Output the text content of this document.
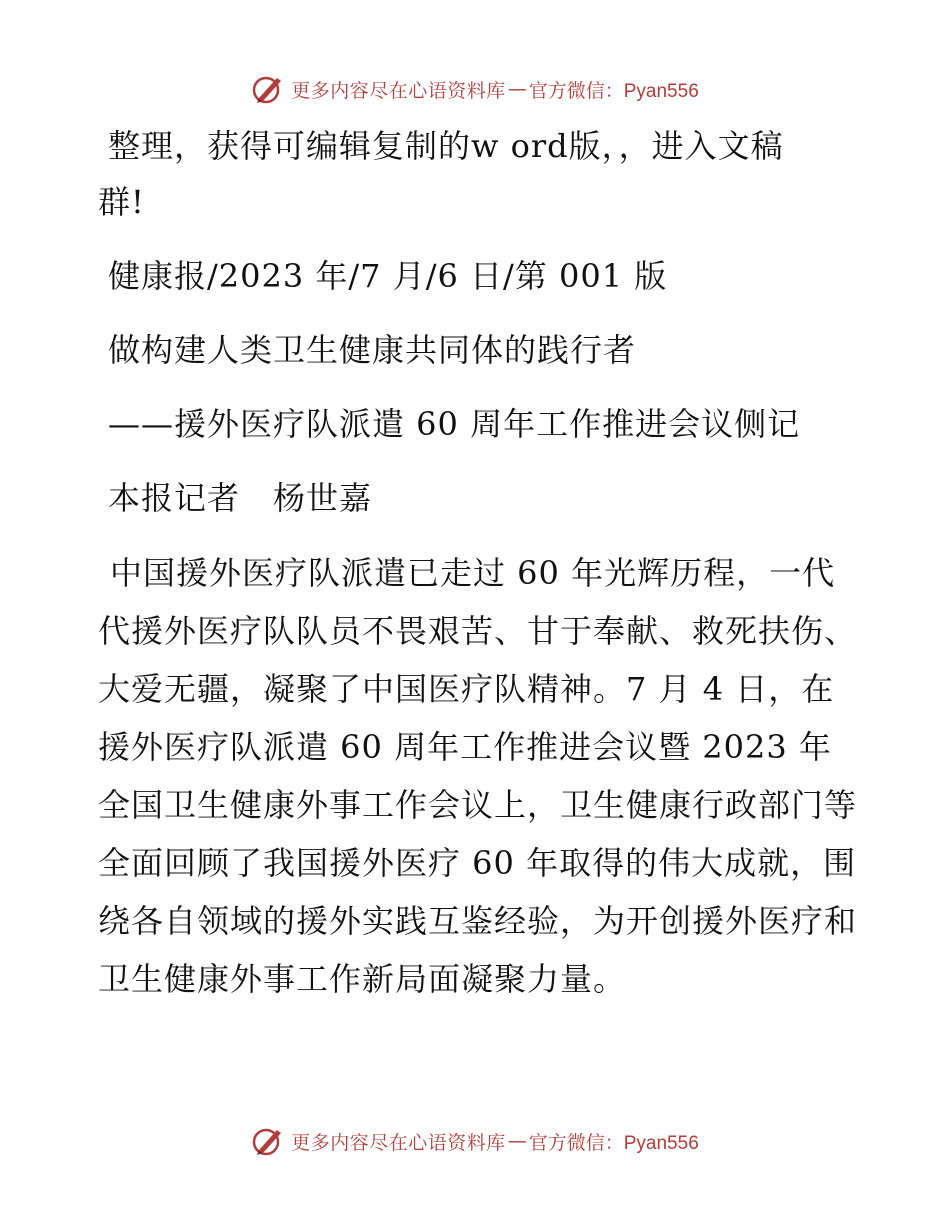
更多内容尽在心语资料库 — 官方微信：Pyan556
整理，获得可编辑复制的w ord版，，进入文稿
群!
健康报/2023 年/7 月/6 日/第 001 版
做构建人类卫生健康共同体的践行者
——援外医疗队派遣 60 周年工作推进会议侧记
本报记者　杨世嘉
中国援外医疗队派遣已走过 60 年光辉历程，一代代援外医疗队队员不畏艰苦、甘于奉献、救死扶伤、大爱无疆，凝聚了中国医疗队精神。7 月 4 日，在援外医疗队派遣 60 周年工作推进会议暨 2023 年全国卫生健康外事工作会议上，卫生健康行政部门等全面回顾了我国援外医疗 60 年取得的伟大成就，围绕各自领域的援外实践互鉴经验，为开创援外医疗和卫生健康外事工作新局面凝聚力量。
更多内容尽在心语资料库 — 官方微信：Pyan556
